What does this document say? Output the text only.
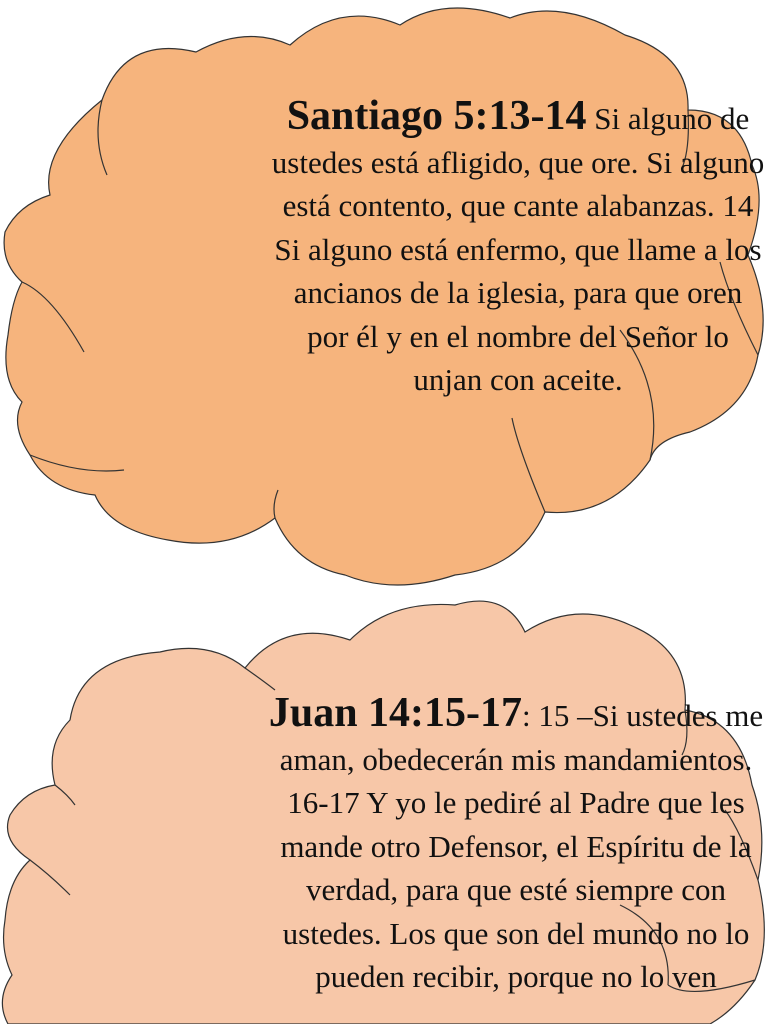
Santiago 5:13-14 Si alguno de ustedes está afligido, que ore. Si alguno está contento, que cante alabanzas. 14 Si alguno está enfermo, que llame a los ancianos de la iglesia, para que oren por él y en el nombre del Señor lo unjan con aceite.
Juan 14:15-17: 15 –Si ustedes me aman, obedecerán mis mandamientos. 16-17 Y yo le pediré al Padre que les mande otro Defensor, el Espíritu de la verdad, para que esté siempre con ustedes. Los que son del mundo no lo pueden recibir, porque no lo ven
